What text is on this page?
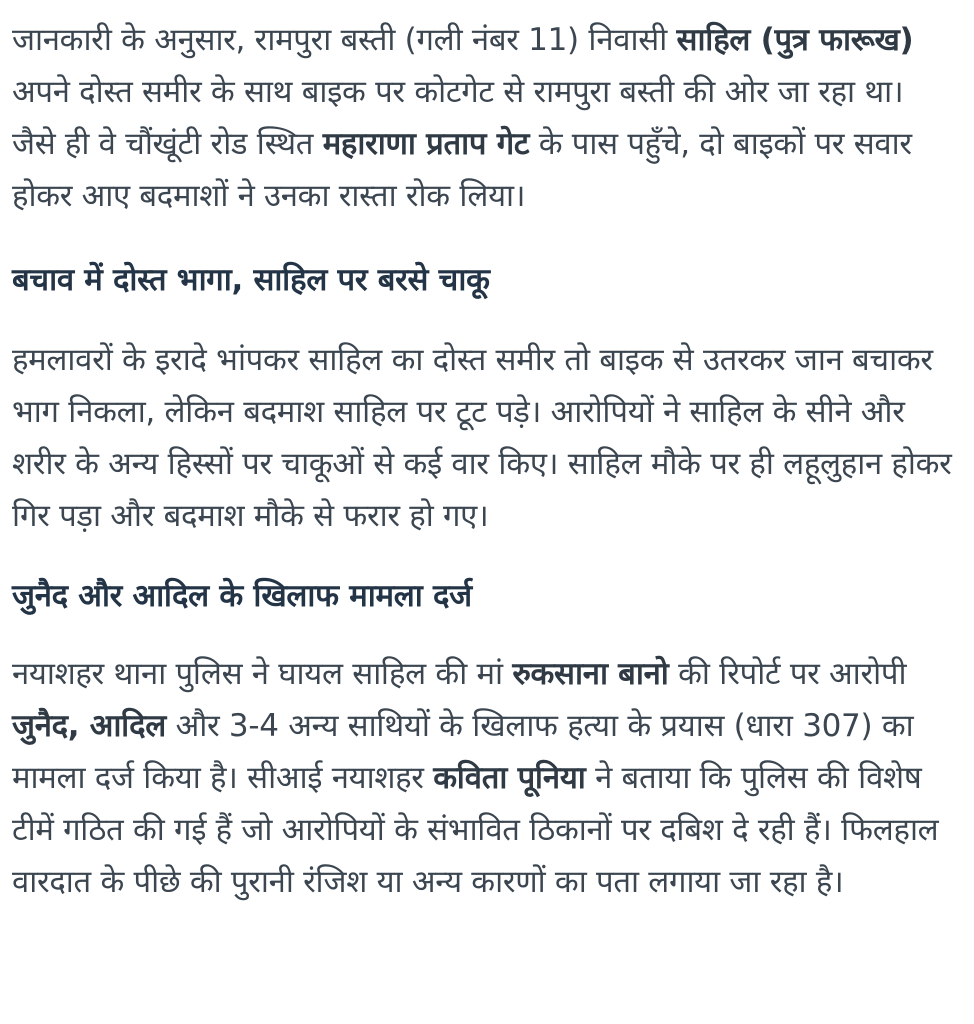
जानकारी के अनुसार, रामपुरा बस्ती (गली नंबर 11) निवासी साहिल (पुत्र फारूख) अपने दोस्त समीर के साथ बाइक पर कोटगेट से रामपुरा बस्ती की ओर जा रहा था। जैसे ही वे चौंखूंटी रोड स्थित महाराणा प्रताप गेट के पास पहुँचे, दो बाइकों पर सवार होकर आए बदमाशों ने उनका रास्ता रोक लिया।

बचाव में दोस्त भागा, साहिल पर बरसे चाकू

हमलावरों के इरादे भांपकर साहिल का दोस्त समीर तो बाइक से उतरकर जान बचाकर भाग निकला, लेकिन बदमाश साहिल पर टूट पड़े। आरोपियों ने साहिल के सीने और शरीर के अन्य हिस्सों पर चाकूओं से कई वार किए। साहिल मौके पर ही लहूलुहान होकर गिर पड़ा और बदमाश मौके से फरार हो गए।

जुनैद और आदिल के खिलाफ मामला दर्ज

नयाशहर थाना पुलिस ने घायल साहिल की मां रुकसाना बानो की रिपोर्ट पर आरोपी जुनैद, आदिल और 3-4 अन्य साथियों के खिलाफ हत्या के प्रयास (धारा 307) का मामला दर्ज किया है। सीआई नयाशहर कविता पूनिया ने बताया कि पुलिस की विशेष टीमें गठित की गई हैं जो आरोपियों के संभावित ठिकानों पर दबिश दे रही हैं। फिलहाल वारदात के पीछे की पुरानी रंजिश या अन्य कारणों का पता लगाया जा रहा है।
